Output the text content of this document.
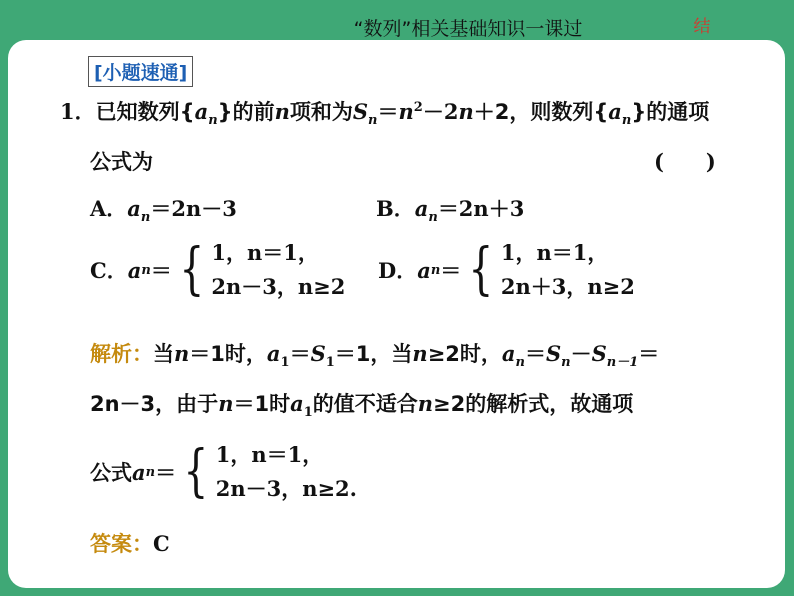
“数列”相关基础知识一课过	结
[小题速通]
1．已知数列$\{a_n\}$的前n项和为$S_n=n^2-2n+2$，则数列$\{a_n\}$的通项
公式为	(　　)
A．$a_n=2n-3$	B．$a_n=2n+3$
C． a n ＝ { 1，n＝1，
2n－3，n≥2
D． a n ＝ { 1，n＝1，
2n＋3，n≥2
解析：当n＝1时，$a_1=S_1=1$，当n≥2时，$a_n=S_n-S_{n-1}=$
2n－3，由于n＝1时$a_1$的值不适合n≥2的解析式，故通项
公式 a n ＝ { 1，n＝1，
2n－3，n≥2.
答案：C
